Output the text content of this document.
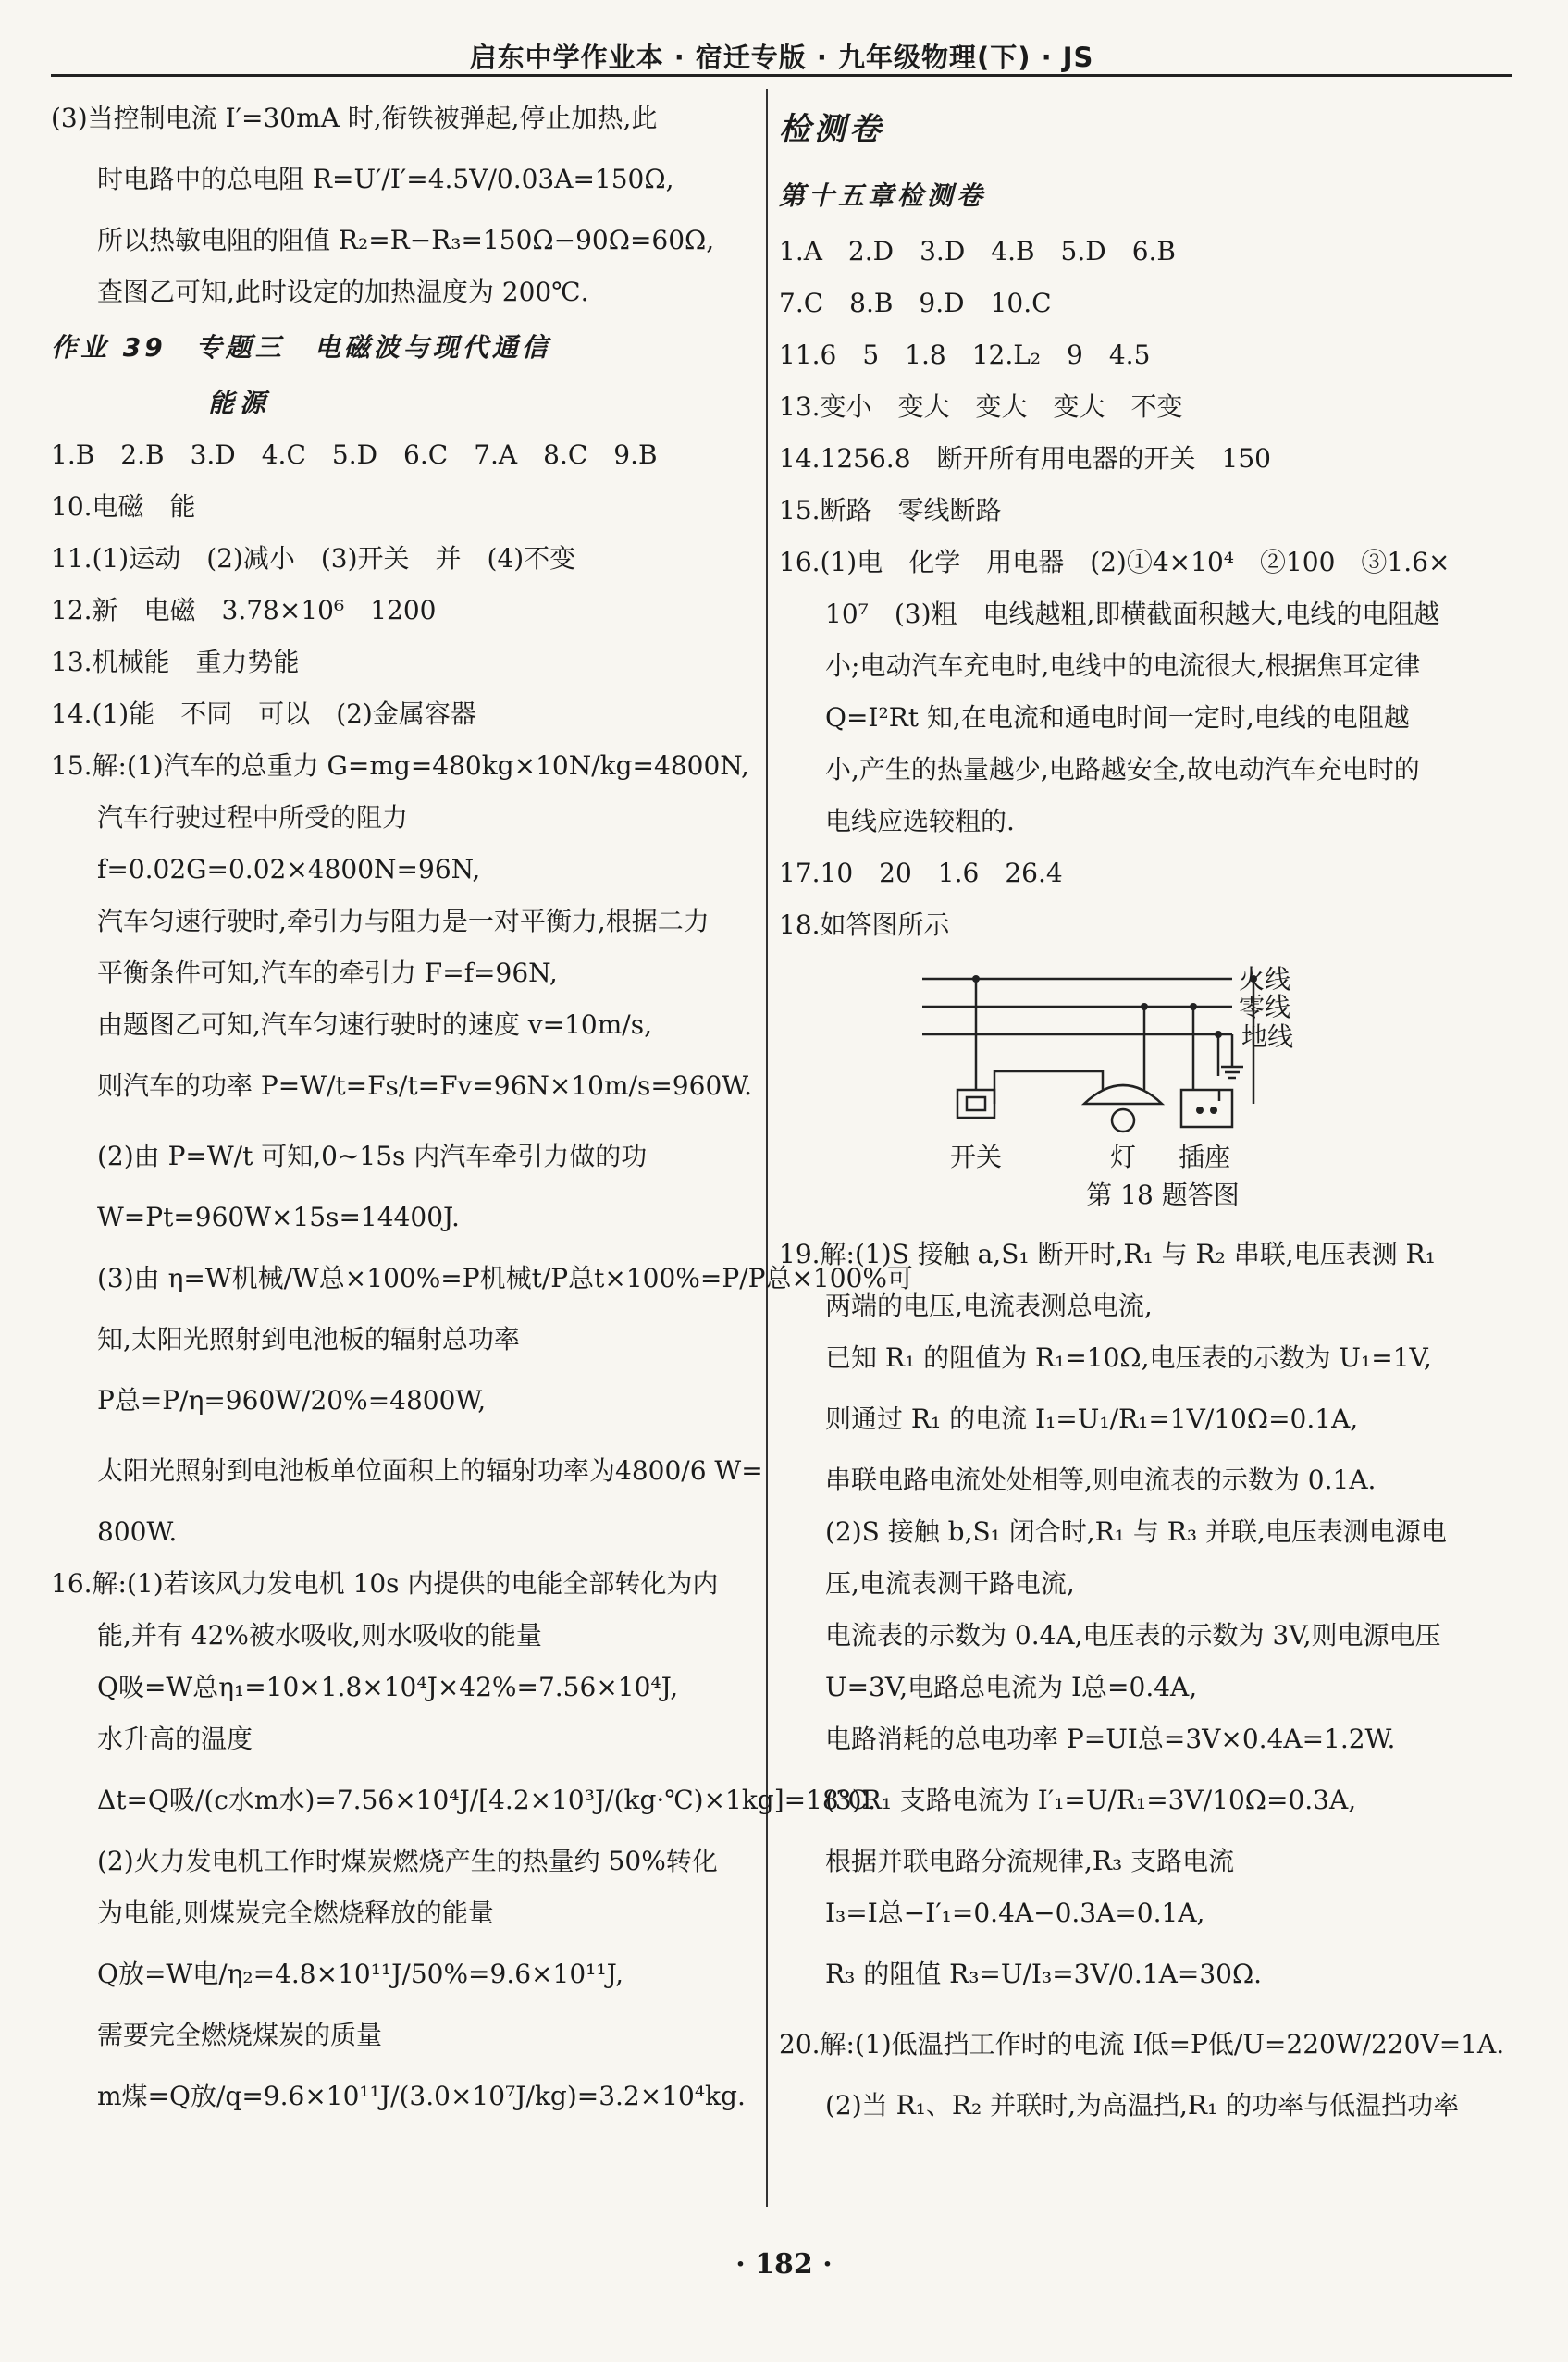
启东中学作业本 · 宿迁专版 · 九年级物理(下) · JS
(3)当控制电流 I′=30mA 时,衔铁被弹起,停止加热,此
时电路中的总电阻 R=U′/I′=4.5V/0.03A=150Ω,
所以热敏电阻的阻值 R₂=R−R₃=150Ω−90Ω=60Ω,
查图乙可知,此时设定的加热温度为 200℃.
作业 39　专题三　电磁波与现代通信
能源
1.B　2.B　3.D　4.C　5.D　6.C　7.A　8.C　9.B
10.电磁　能
11.(1)运动　(2)减小　(3)开关　并　(4)不变
12.新　电磁　3.78×10⁶　1200
13.机械能　重力势能
14.(1)能　不同　可以　(2)金属容器
15.解:(1)汽车的总重力 G=mg=480kg×10N/kg=4800N,
汽车行驶过程中所受的阻力
f=0.02G=0.02×4800N=96N,
汽车匀速行驶时,牵引力与阻力是一对平衡力,根据二力
平衡条件可知,汽车的牵引力 F=f=96N,
由题图乙可知,汽车匀速行驶时的速度 v=10m/s,
则汽车的功率 P=W/t=Fs/t=Fv=96N×10m/s=960W.
(2)由 P=W/t 可知,0~15s 内汽车牵引力做的功
W=Pt=960W×15s=14400J.
(3)由 η=W机械/W总×100%=P机械t/P总t×100%=P/P总×100%可
知,太阳光照射到电池板的辐射总功率
P总=P/η=960W/20%=4800W,
太阳光照射到电池板单位面积上的辐射功率为4800/6 W=
800W.
16.解:(1)若该风力发电机 10s 内提供的电能全部转化为内
能,并有 42%被水吸收,则水吸收的能量
Q吸=W总η₁=10×1.8×10⁴J×42%=7.56×10⁴J,
水升高的温度
Δt=Q吸/(c水m水)=7.56×10⁴J/[4.2×10³J/(kg·℃)×1kg]=18℃.
(2)火力发电机工作时煤炭燃烧产生的热量约 50%转化
为电能,则煤炭完全燃烧释放的能量
Q放=W电/η₂=4.8×10¹¹J/50%=9.6×10¹¹J,
需要完全燃烧煤炭的质量
m煤=Q放/q=9.6×10¹¹J/(3.0×10⁷J/kg)=3.2×10⁴kg.
检测卷
第十五章检测卷
1.A　2.D　3.D　4.B　5.D　6.B
7.C　8.B　9.D　10.C
11.6　5　1.8　12.L₂　9　4.5
13.变小　变大　变大　变大　不变
14.1256.8　断开所有用电器的开关　150
15.断路　零线断路
16.(1)电　化学　用电器　(2)①4×10⁴　②100　③1.6×
10⁷　(3)粗　电线越粗,即横截面积越大,电线的电阻越
小;电动汽车充电时,电线中的电流很大,根据焦耳定律
Q=I²Rt 知,在电流和通电时间一定时,电线的电阻越
小,产生的热量越少,电路越安全,故电动汽车充电时的
电线应选较粗的.
17.10　20　1.6　26.4
18.如答图所示
火线
零线
地线
开关	灯 插座
第 18 题答图
19.解:(1)S 接触 a,S₁ 断开时,R₁ 与 R₂ 串联,电压表测 R₁
两端的电压,电流表测总电流,
已知 R₁ 的阻值为 R₁=10Ω,电压表的示数为 U₁=1V,
则通过 R₁ 的电流 I₁=U₁/R₁=1V/10Ω=0.1A,
串联电路电流处处相等,则电流表的示数为 0.1A.
(2)S 接触 b,S₁ 闭合时,R₁ 与 R₃ 并联,电压表测电源电
压,电流表测干路电流,
电流表的示数为 0.4A,电压表的示数为 3V,则电源电压
U=3V,电路总电流为 I总=0.4A,
电路消耗的总电功率 P=UI总=3V×0.4A=1.2W.
(3)R₁ 支路电流为 I′₁=U/R₁=3V/10Ω=0.3A,
根据并联电路分流规律,R₃ 支路电流
I₃=I总−I′₁=0.4A−0.3A=0.1A,
R₃ 的阻值 R₃=U/I₃=3V/0.1A=30Ω.
20.解:(1)低温挡工作时的电流 I低=P低/U=220W/220V=1A.
(2)当 R₁、R₂ 并联时,为高温挡,R₁ 的功率与低温挡功率
· 182 ·
